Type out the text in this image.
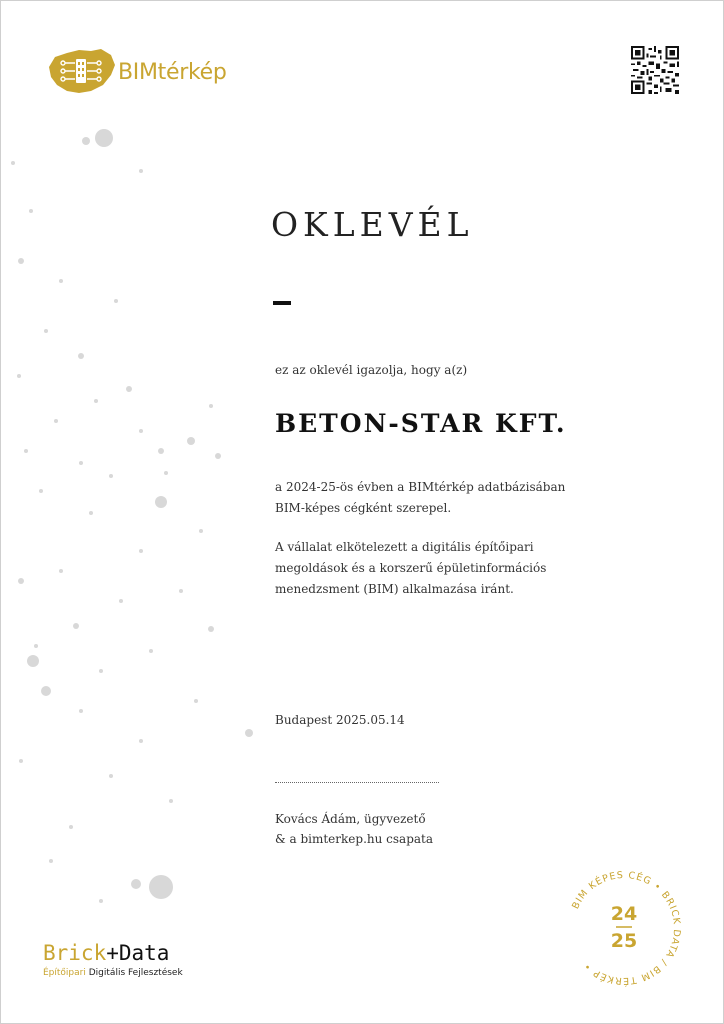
BIMtérkép
OKLEVÉL
ez az oklevél igazolja, hogy a(z)
BETON-STAR KFT.
a 2024-25-ös évben a BIMtérkép adatbázisában
BIM-képes cégként szerepel.
A vállalat elkötelezett a digitális építőipari
megoldások és a korszerű épületinformációs
menedzsment (BIM) alkalmazása iránt.
Budapest 2025.05.14
Kovács Ádám, ügyvezető
& a bimterkep.hu csapata
Brick+Data
Építőipari Digitális Fejlesztések
BIM KÉPES CÉG • BRICK DATA / BIM TÉRKÉP •
24
25
